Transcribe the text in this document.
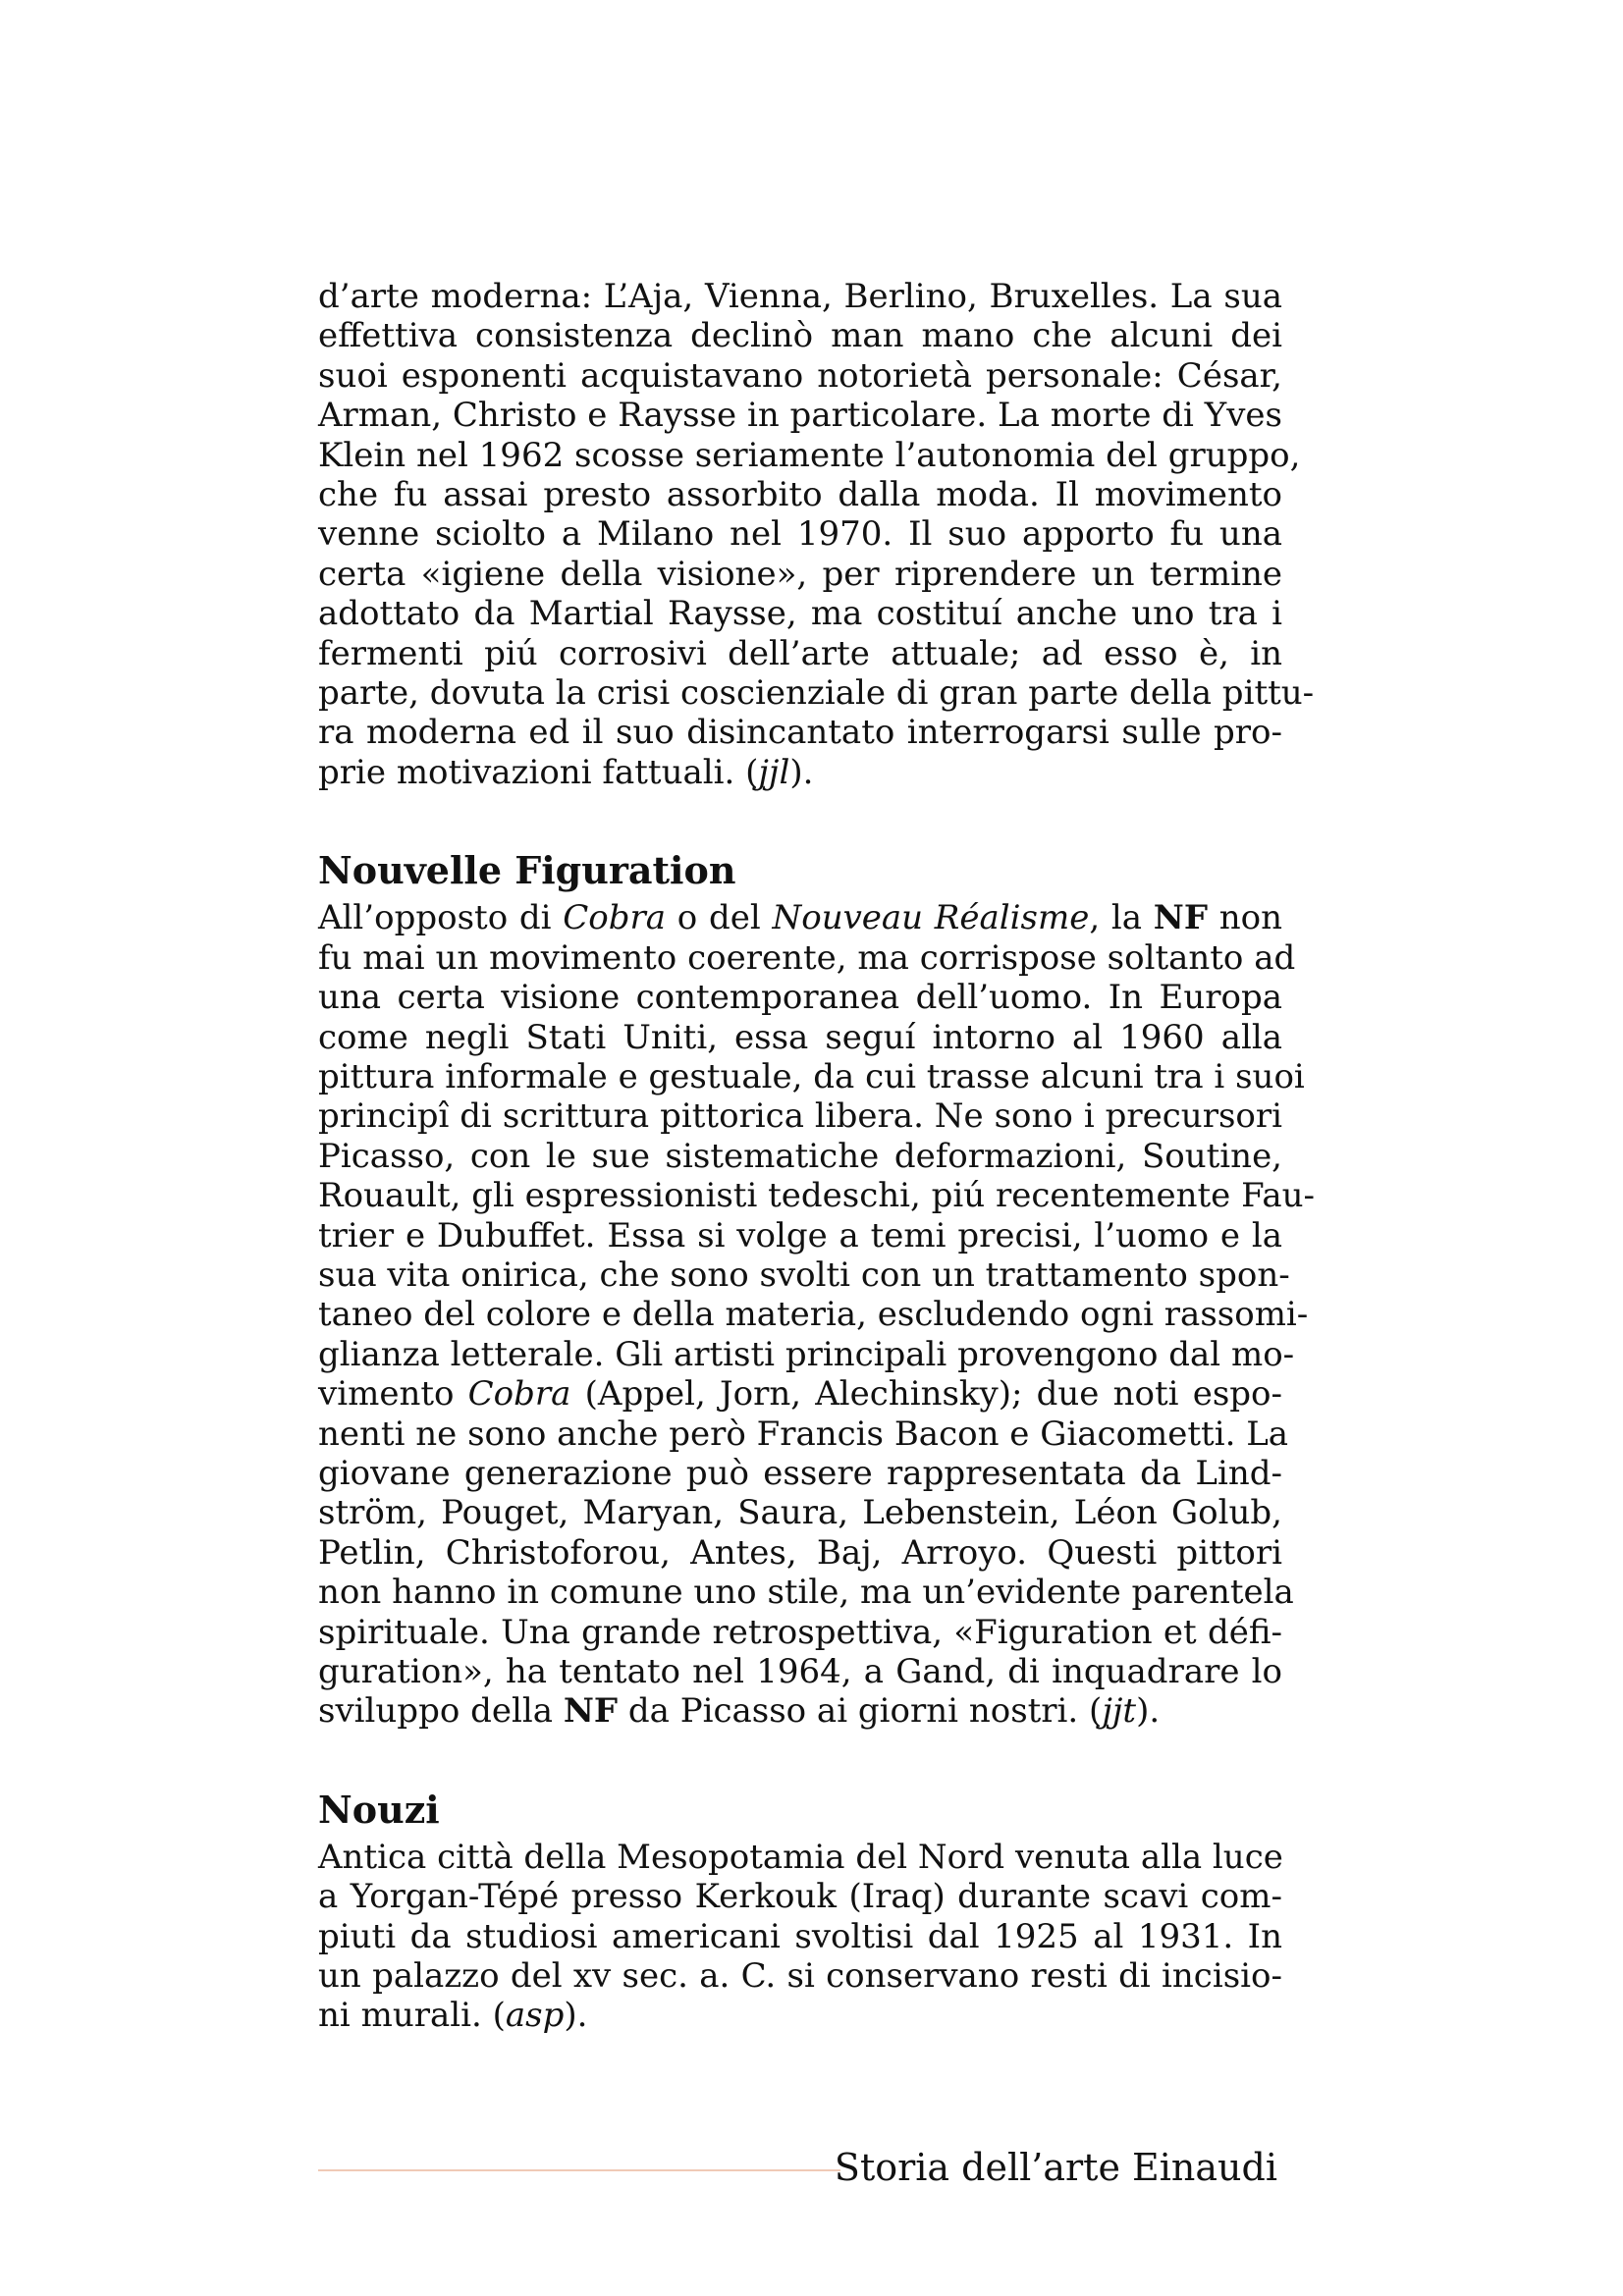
d’arte moderna: L’Aja, Vienna, Berlino, Bruxelles. La sua
effettiva consistenza declinò man mano che alcuni dei
suoi esponenti acquistavano notorietà personale: César,
Arman, Christo e Raysse in particolare. La morte di Yves
Klein nel 1962 scosse seriamente l’autonomia del gruppo,
che fu assai presto assorbito dalla moda. Il movimento
venne sciolto a Milano nel 1970. Il suo apporto fu una
certa «igiene della visione», per riprendere un termine
adottato da Martial Raysse, ma costituí anche uno tra i
fermenti piú corrosivi dell’arte attuale; ad esso è, in
parte, dovuta la crisi coscienziale di gran parte della pittu-
ra moderna ed il suo disincantato interrogarsi sulle pro-
prie motivazioni fattuali. (jjl).

Nouvelle Figuration

All’opposto di Cobra o del Nouveau Réalisme, la NF non
fu mai un movimento coerente, ma corrispose soltanto ad
una certa visione contemporanea dell’uomo. In Europa
come negli Stati Uniti, essa seguí intorno al 1960 alla
pittura informale e gestuale, da cui trasse alcuni tra i suoi
principî di scrittura pittorica libera. Ne sono i precursori
Picasso, con le sue sistematiche deformazioni, Soutine,
Rouault, gli espressionisti tedeschi, piú recentemente Fau-
trier e Dubuffet. Essa si volge a temi precisi, l’uomo e la
sua vita onirica, che sono svolti con un trattamento spon-
taneo del colore e della materia, escludendo ogni rassomi-
glianza letterale. Gli artisti principali provengono dal mo-
vimento Cobra (Appel, Jorn, Alechinsky); due noti espo-
nenti ne sono anche però Francis Bacon e Giacometti. La
giovane generazione può essere rappresentata da Lind-
ström, Pouget, Maryan, Saura, Lebenstein, Léon Golub,
Petlin, Christoforou, Antes, Baj, Arroyo. Questi pittori
non hanno in comune uno stile, ma un’evidente parentela
spirituale. Una grande retrospettiva, «Figuration et défi-
guration», ha tentato nel 1964, a Gand, di inquadrare lo
sviluppo della NF da Picasso ai giorni nostri. (jjt).

Nouzi

Antica città della Mesopotamia del Nord venuta alla luce
a Yorgan-Tépé presso Kerkouk (Iraq) durante scavi com-
piuti da studiosi americani svoltisi dal 1925 al 1931. In
un palazzo del xv sec. a. C. si conservano resti di incisio-
ni murali. (asp).

Storia dell’arte Einaudi
